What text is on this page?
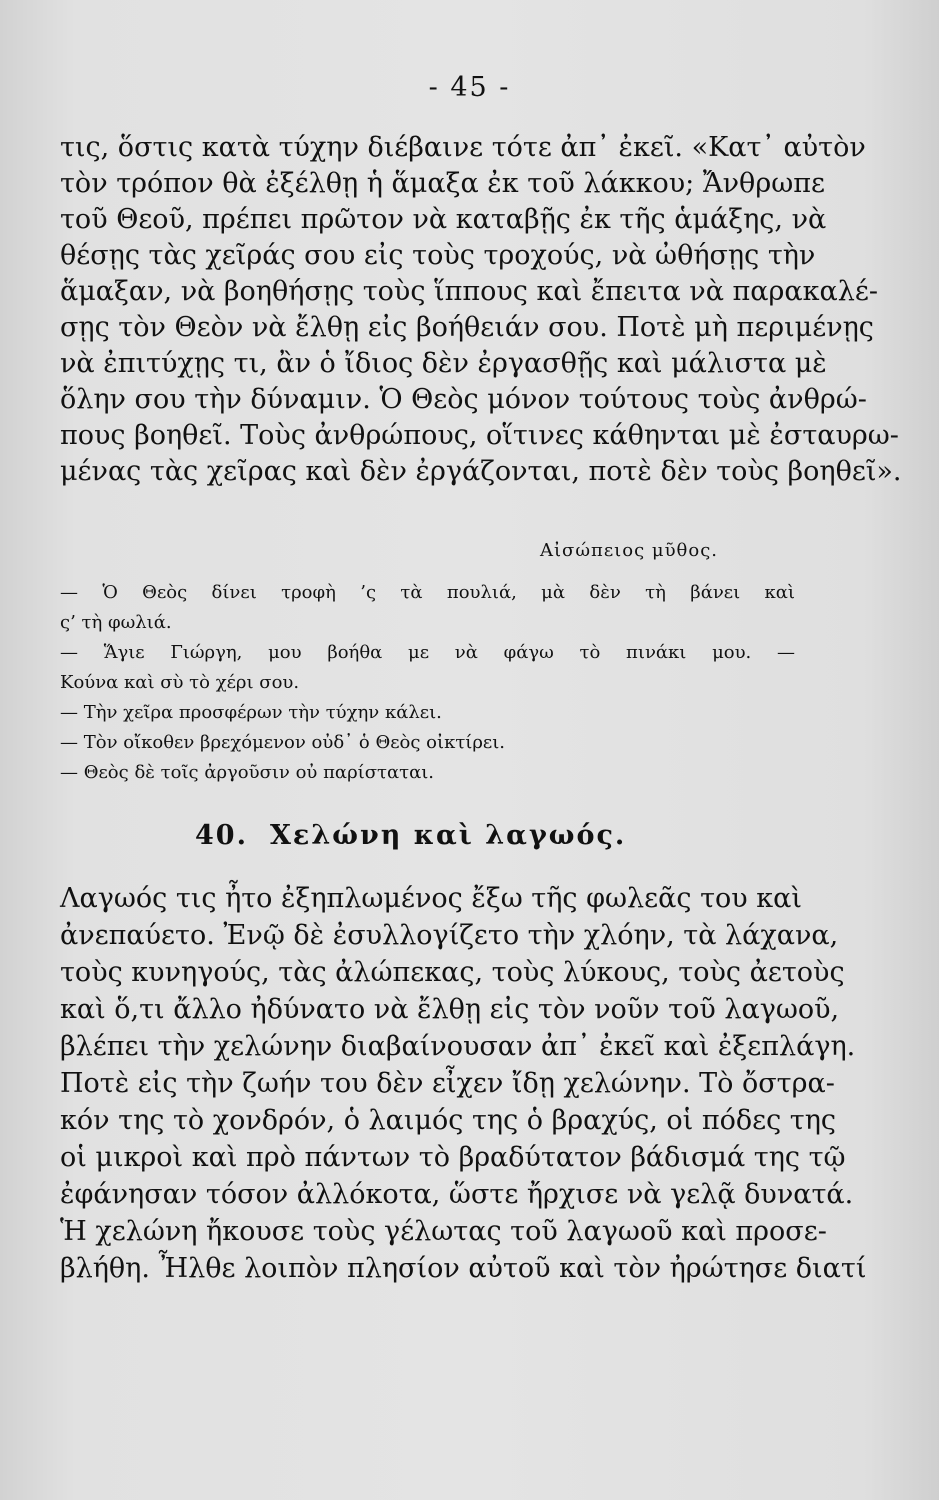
- 45 -
τις, ὅστις κατὰ τύχην διέβαινε τότε ἀπ᾽ ἐκεῖ. «Κατ᾽ αὐτὸν
τὸν τρόπον θὰ ἐξέλθῃ ἡ ἅμαξα ἐκ τοῦ λάκκου; Ἄνθρωπε
τοῦ Θεοῦ, πρέπει πρῶτον νὰ καταβῇς ἐκ τῆς ἁμάξης, νὰ
θέσῃς τὰς χεῖράς σου εἰς τοὺς τροχούς, νὰ ὠθήσῃς τὴν
ἅμαξαν, νὰ βοηθήσῃς τοὺς ἵππους καὶ ἔπειτα νὰ παρακαλέ-
σῃς τὸν Θεὸν νὰ ἔλθῃ εἰς βοήθειάν σου. Ποτὲ μὴ περιμένῃς
νὰ ἐπιτύχῃς τι, ἂν ὁ ἴδιος δὲν ἐργασθῇς καὶ μάλιστα μὲ
ὅλην σου τὴν δύναμιν. Ὁ Θεὸς μόνον τούτους τοὺς ἀνθρώ-
πους βοηθεῖ. Τοὺς ἀνθρώπους, οἵτινες κάθηνται μὲ ἐσταυρω-
μένας τὰς χεῖρας καὶ δὲν ἐργάζονται, ποτὲ δὲν τοὺς βοηθεῖ».
Αἰσώπειος μῦθος.
— Ὁ Θεὸς δίνει τροφὴ ’ς τὰ πουλιά, μὰ δὲν τὴ βάνει καὶ
ς’ τὴ φωλιά.
— Ἅγιε Γιώργη, μου βοήθα με νὰ φάγω τὸ πινάκι μου. —
Κούνα καὶ σὺ τὸ χέρι σου.
— Τὴν χεῖρα προσφέρων τὴν τύχην κάλει.
— Τὸν οἴκοθεν βρεχόμενον οὐδ᾽ ὁ Θεὸς οἰκτίρει.
— Θεὸς δὲ τοῖς ἀργοῦσιν οὐ παρίσταται.
40. Χελώνη καὶ λαγωός.
Λαγωός τις ἦτο ἐξηπλωμένος ἔξω τῆς φωλεᾶς του καὶ
ἀνεπαύετο. Ἐνῷ δὲ ἐσυλλογίζετο τὴν χλόην, τὰ λάχανα,
τοὺς κυνηγούς, τὰς ἀλώπεκας, τοὺς λύκους, τοὺς ἀετοὺς
καὶ ὅ,τι ἄλλο ἠδύνατο νὰ ἔλθῃ εἰς τὸν νοῦν τοῦ λαγωοῦ,
βλέπει τὴν χελώνην διαβαίνουσαν ἀπ᾽ ἐκεῖ καὶ ἐξεπλάγη.
Ποτὲ εἰς τὴν ζωήν του δὲν εἶχεν ἴδῃ χελώνην. Τὸ ὄστρα-
κόν της τὸ χονδρόν, ὁ λαιμός της ὁ βραχύς, οἱ πόδες της
οἱ μικροὶ καὶ πρὸ πάντων τὸ βραδύτατον βάδισμά της τῷ
ἐφάνησαν τόσον ἀλλόκοτα, ὥστε ἤρχισε νὰ γελᾷ δυνατά.
Ἡ χελώνη ἤκουσε τοὺς γέλωτας τοῦ λαγωοῦ καὶ προσε-
βλήθη. Ἦλθε λοιπὸν πλησίον αὐτοῦ καὶ τὸν ἠρώτησε διατί
